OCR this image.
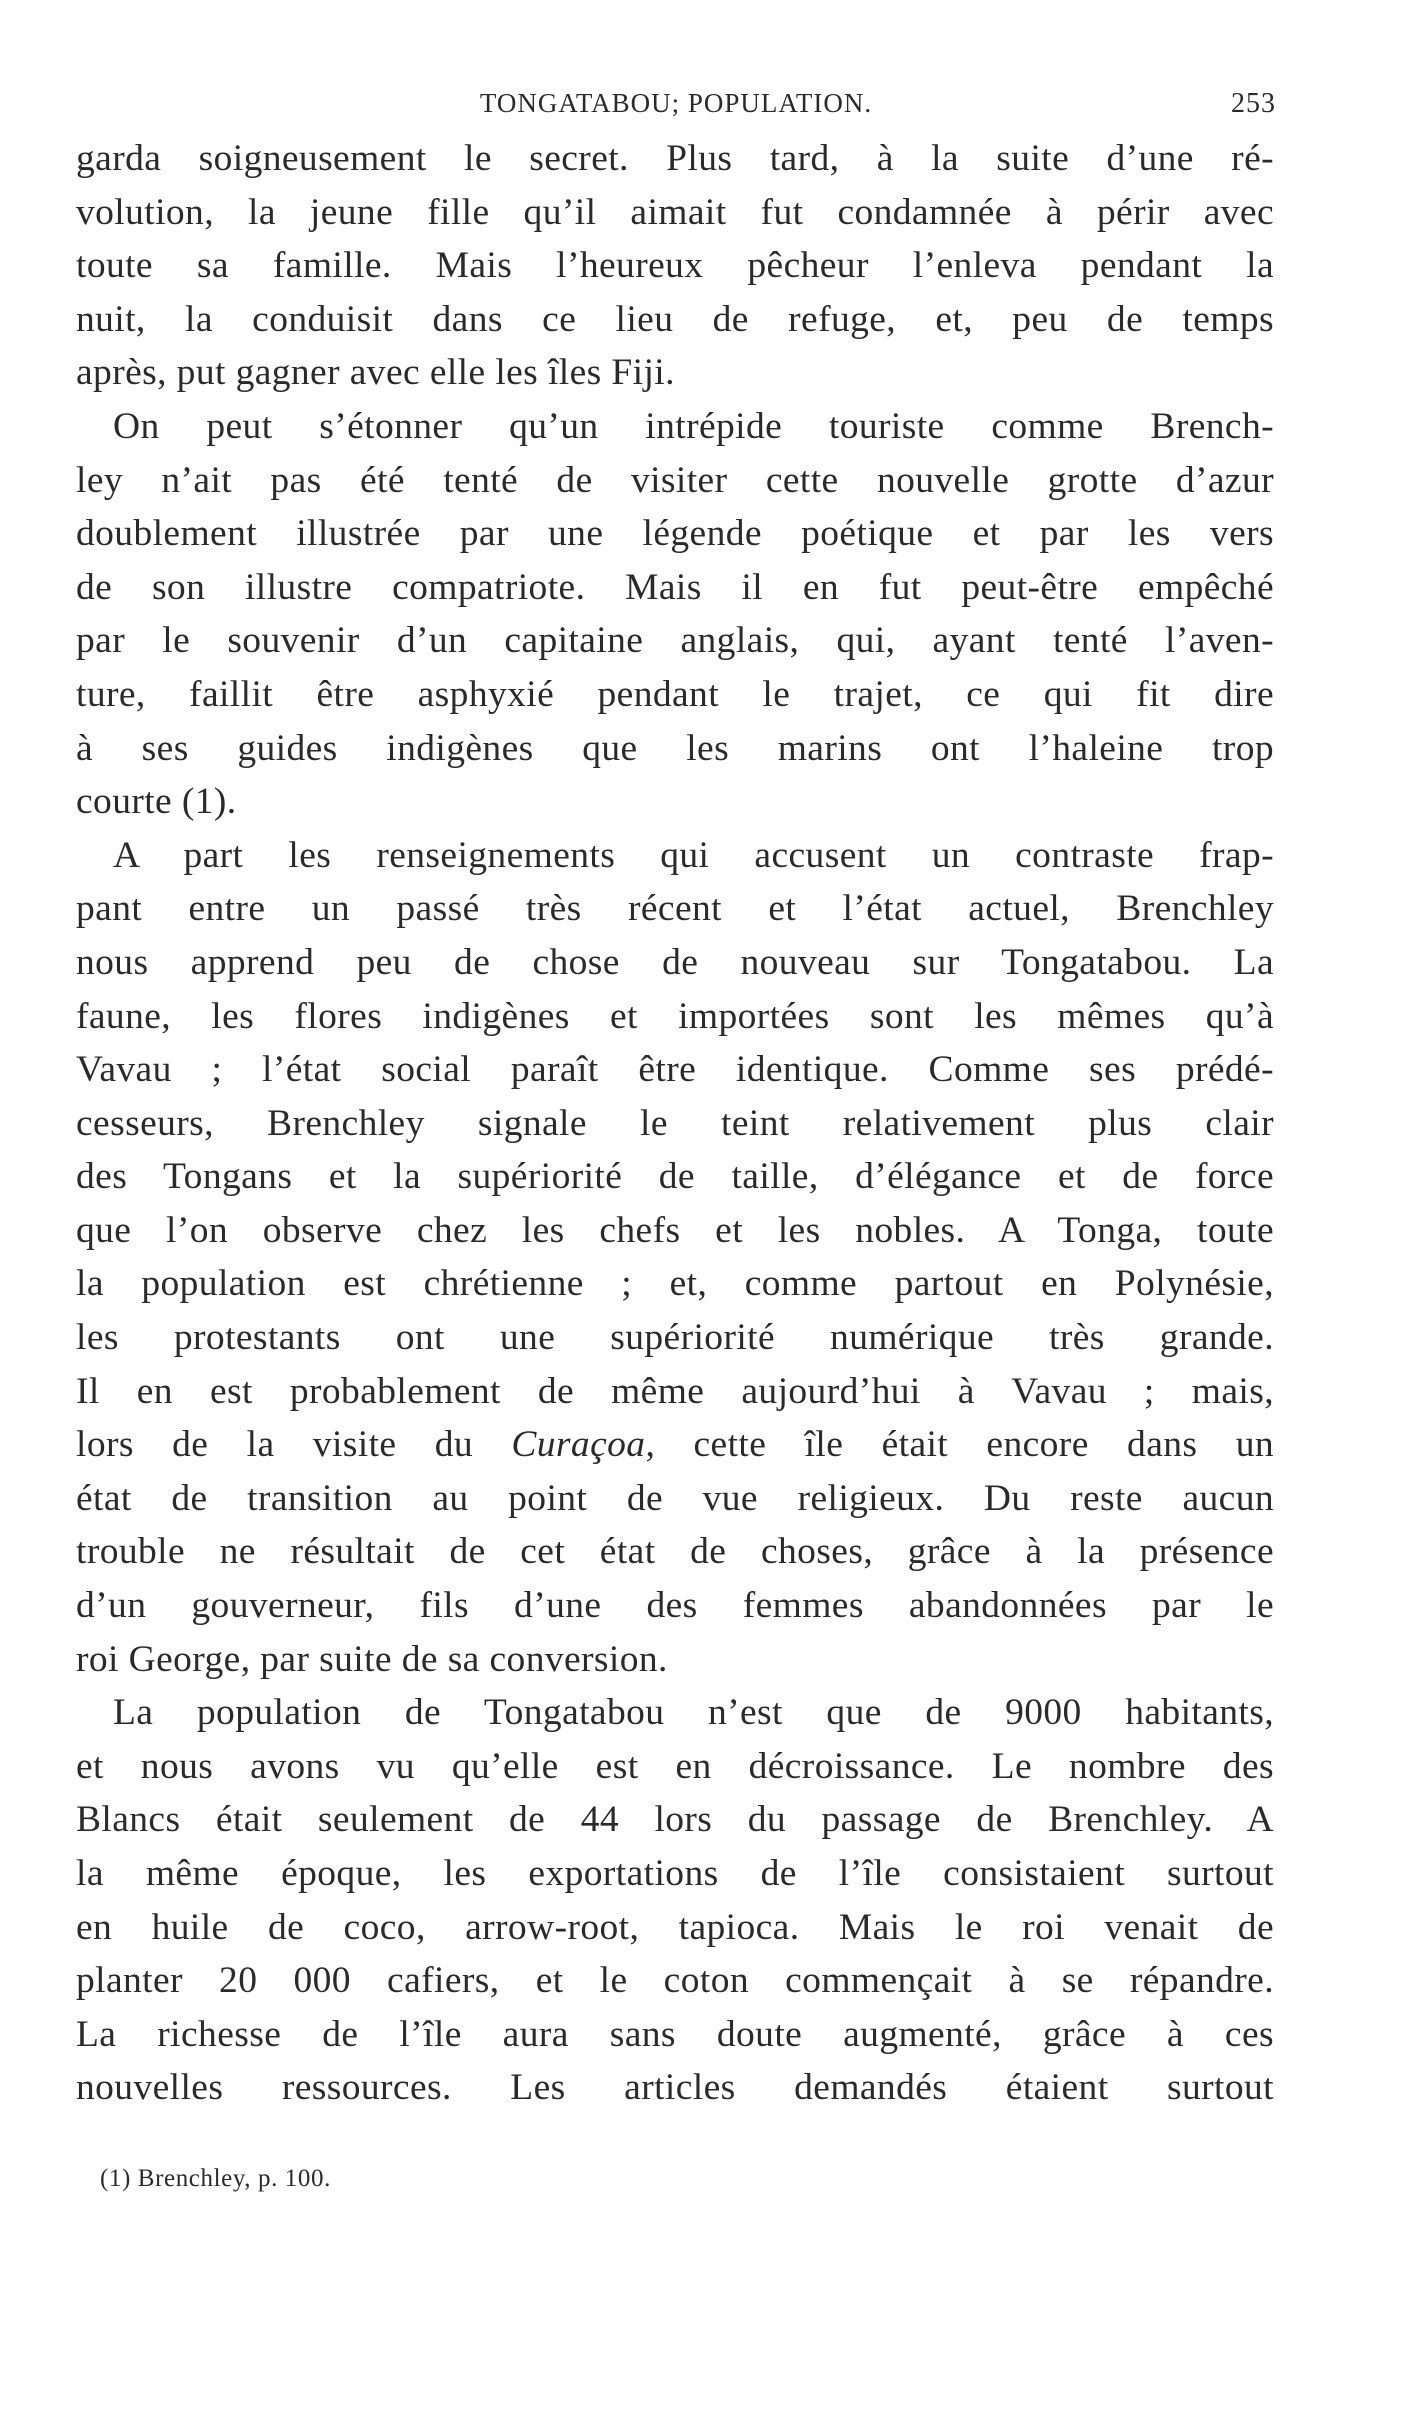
TONGATABOU; POPULATION.	253

garda soigneusement le secret. Plus tard, à la suite d’une ré-
volution, la jeune fille qu’il aimait fut condamnée à périr avec
toute sa famille. Mais l’heureux pêcheur l’enleva pendant la
nuit, la conduisit dans ce lieu de refuge, et, peu de temps
après, put gagner avec elle les îles Fiji.

On peut s’étonner qu’un intrépide touriste comme Brench-
ley n’ait pas été tenté de visiter cette nouvelle grotte d’azur
doublement illustrée par une légende poétique et par les vers
de son illustre compatriote. Mais il en fut peut-être empêché
par le souvenir d’un capitaine anglais, qui, ayant tenté l’aven-
ture, faillit être asphyxié pendant le trajet, ce qui fit dire
à ses guides indigènes que les marins ont l’haleine trop
courte (1).

A part les renseignements qui accusent un contraste frap-
pant entre un passé très récent et l’état actuel, Brenchley
nous apprend peu de chose de nouveau sur Tongatabou. La
faune, les flores indigènes et importées sont les mêmes qu’à
Vavau ; l’état social paraît être identique. Comme ses prédé-
cesseurs, Brenchley signale le teint relativement plus clair
des Tongans et la supériorité de taille, d’élégance et de force
que l’on observe chez les chefs et les nobles. A Tonga, toute
la population est chrétienne ; et, comme partout en Polynésie,
les protestants ont une supériorité numérique très grande.
Il en est probablement de même aujourd’hui à Vavau ; mais,
lors de la visite du Curaçoa, cette île était encore dans un
état de transition au point de vue religieux. Du reste aucun
trouble ne résultait de cet état de choses, grâce à la présence
d’un gouverneur, fils d’une des femmes abandonnées par le
roi George, par suite de sa conversion.

La population de Tongatabou n’est que de 9000 habitants,
et nous avons vu qu’elle est en décroissance. Le nombre des
Blancs était seulement de 44 lors du passage de Brenchley. A
la même époque, les exportations de l’île consistaient surtout
en huile de coco, arrow-root, tapioca. Mais le roi venait de
planter 20 000 cafiers, et le coton commençait à se répandre.
La richesse de l’île aura sans doute augmenté, grâce à ces
nouvelles ressources. Les articles demandés étaient surtout

(1) Brenchley, p. 100.
